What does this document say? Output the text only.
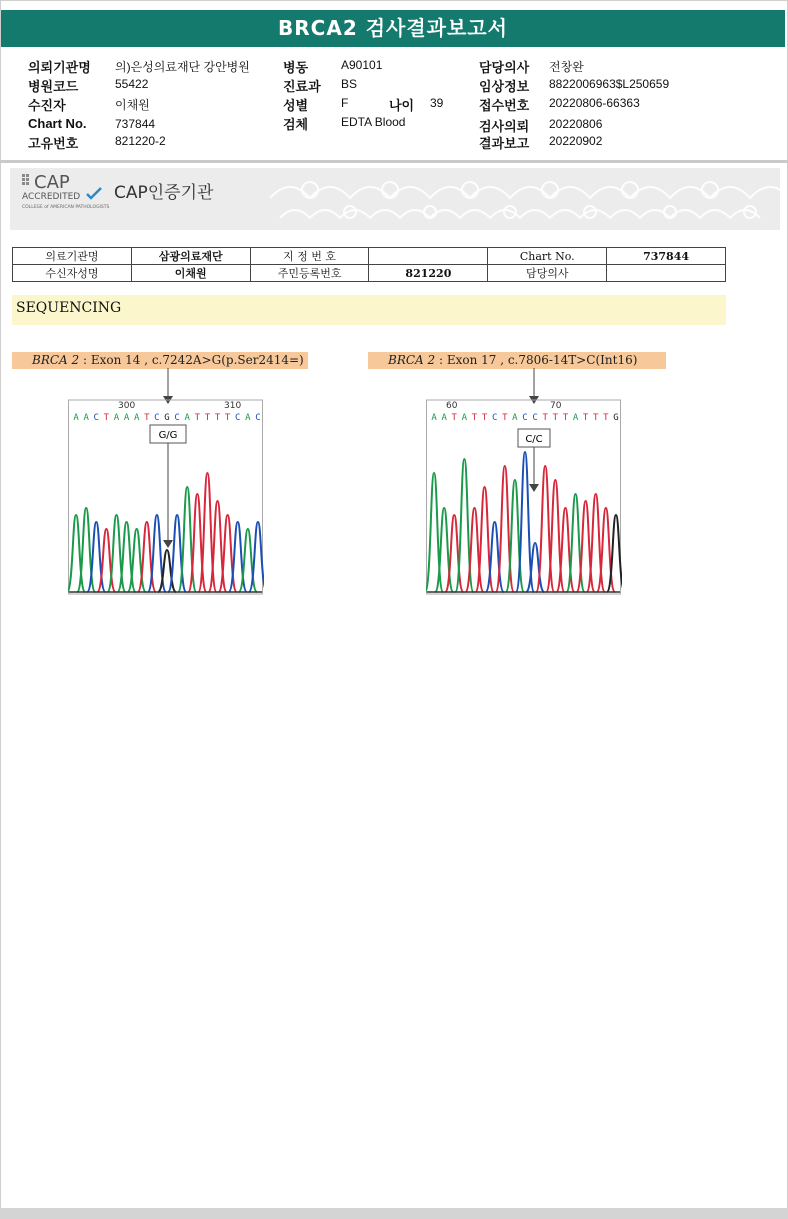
BRCA2 검사결과보고서
의뢰기관명 의)은성의료재단 강안병원
병원코드	55422
수진자	이채원
Chart No. 737844
고유번호	821220-2
병동	A90101
진료과 BS
성별	F	나이 39
검체	EDTA Blood
담당의사 전창완
임상정보 8822006963$L250659
접수번호 20220806-66363
검사의뢰 20220806
결과보고 20220902
CAP
ACCREDITED
COLLEGE of AMERICAN PATHOLOGISTS
CAP인증기관
의료기관명	삼광의료재단	지 정 번 호		Chart No.	737844
수신자성명	이채원	주민등록번호	821220	담당의사	
SEQUENCING
BRCA 2 : Exon 14 , c.7242A>G(p.Ser2414=)	BRCA 2 : Exon 17 , c.7806-14T>C(Int16)
300	310
A A C T A A A T C G C A T T T T C A C
G/G
60	70
A A T A T T C T A C C T T T A T T T G
C/C
